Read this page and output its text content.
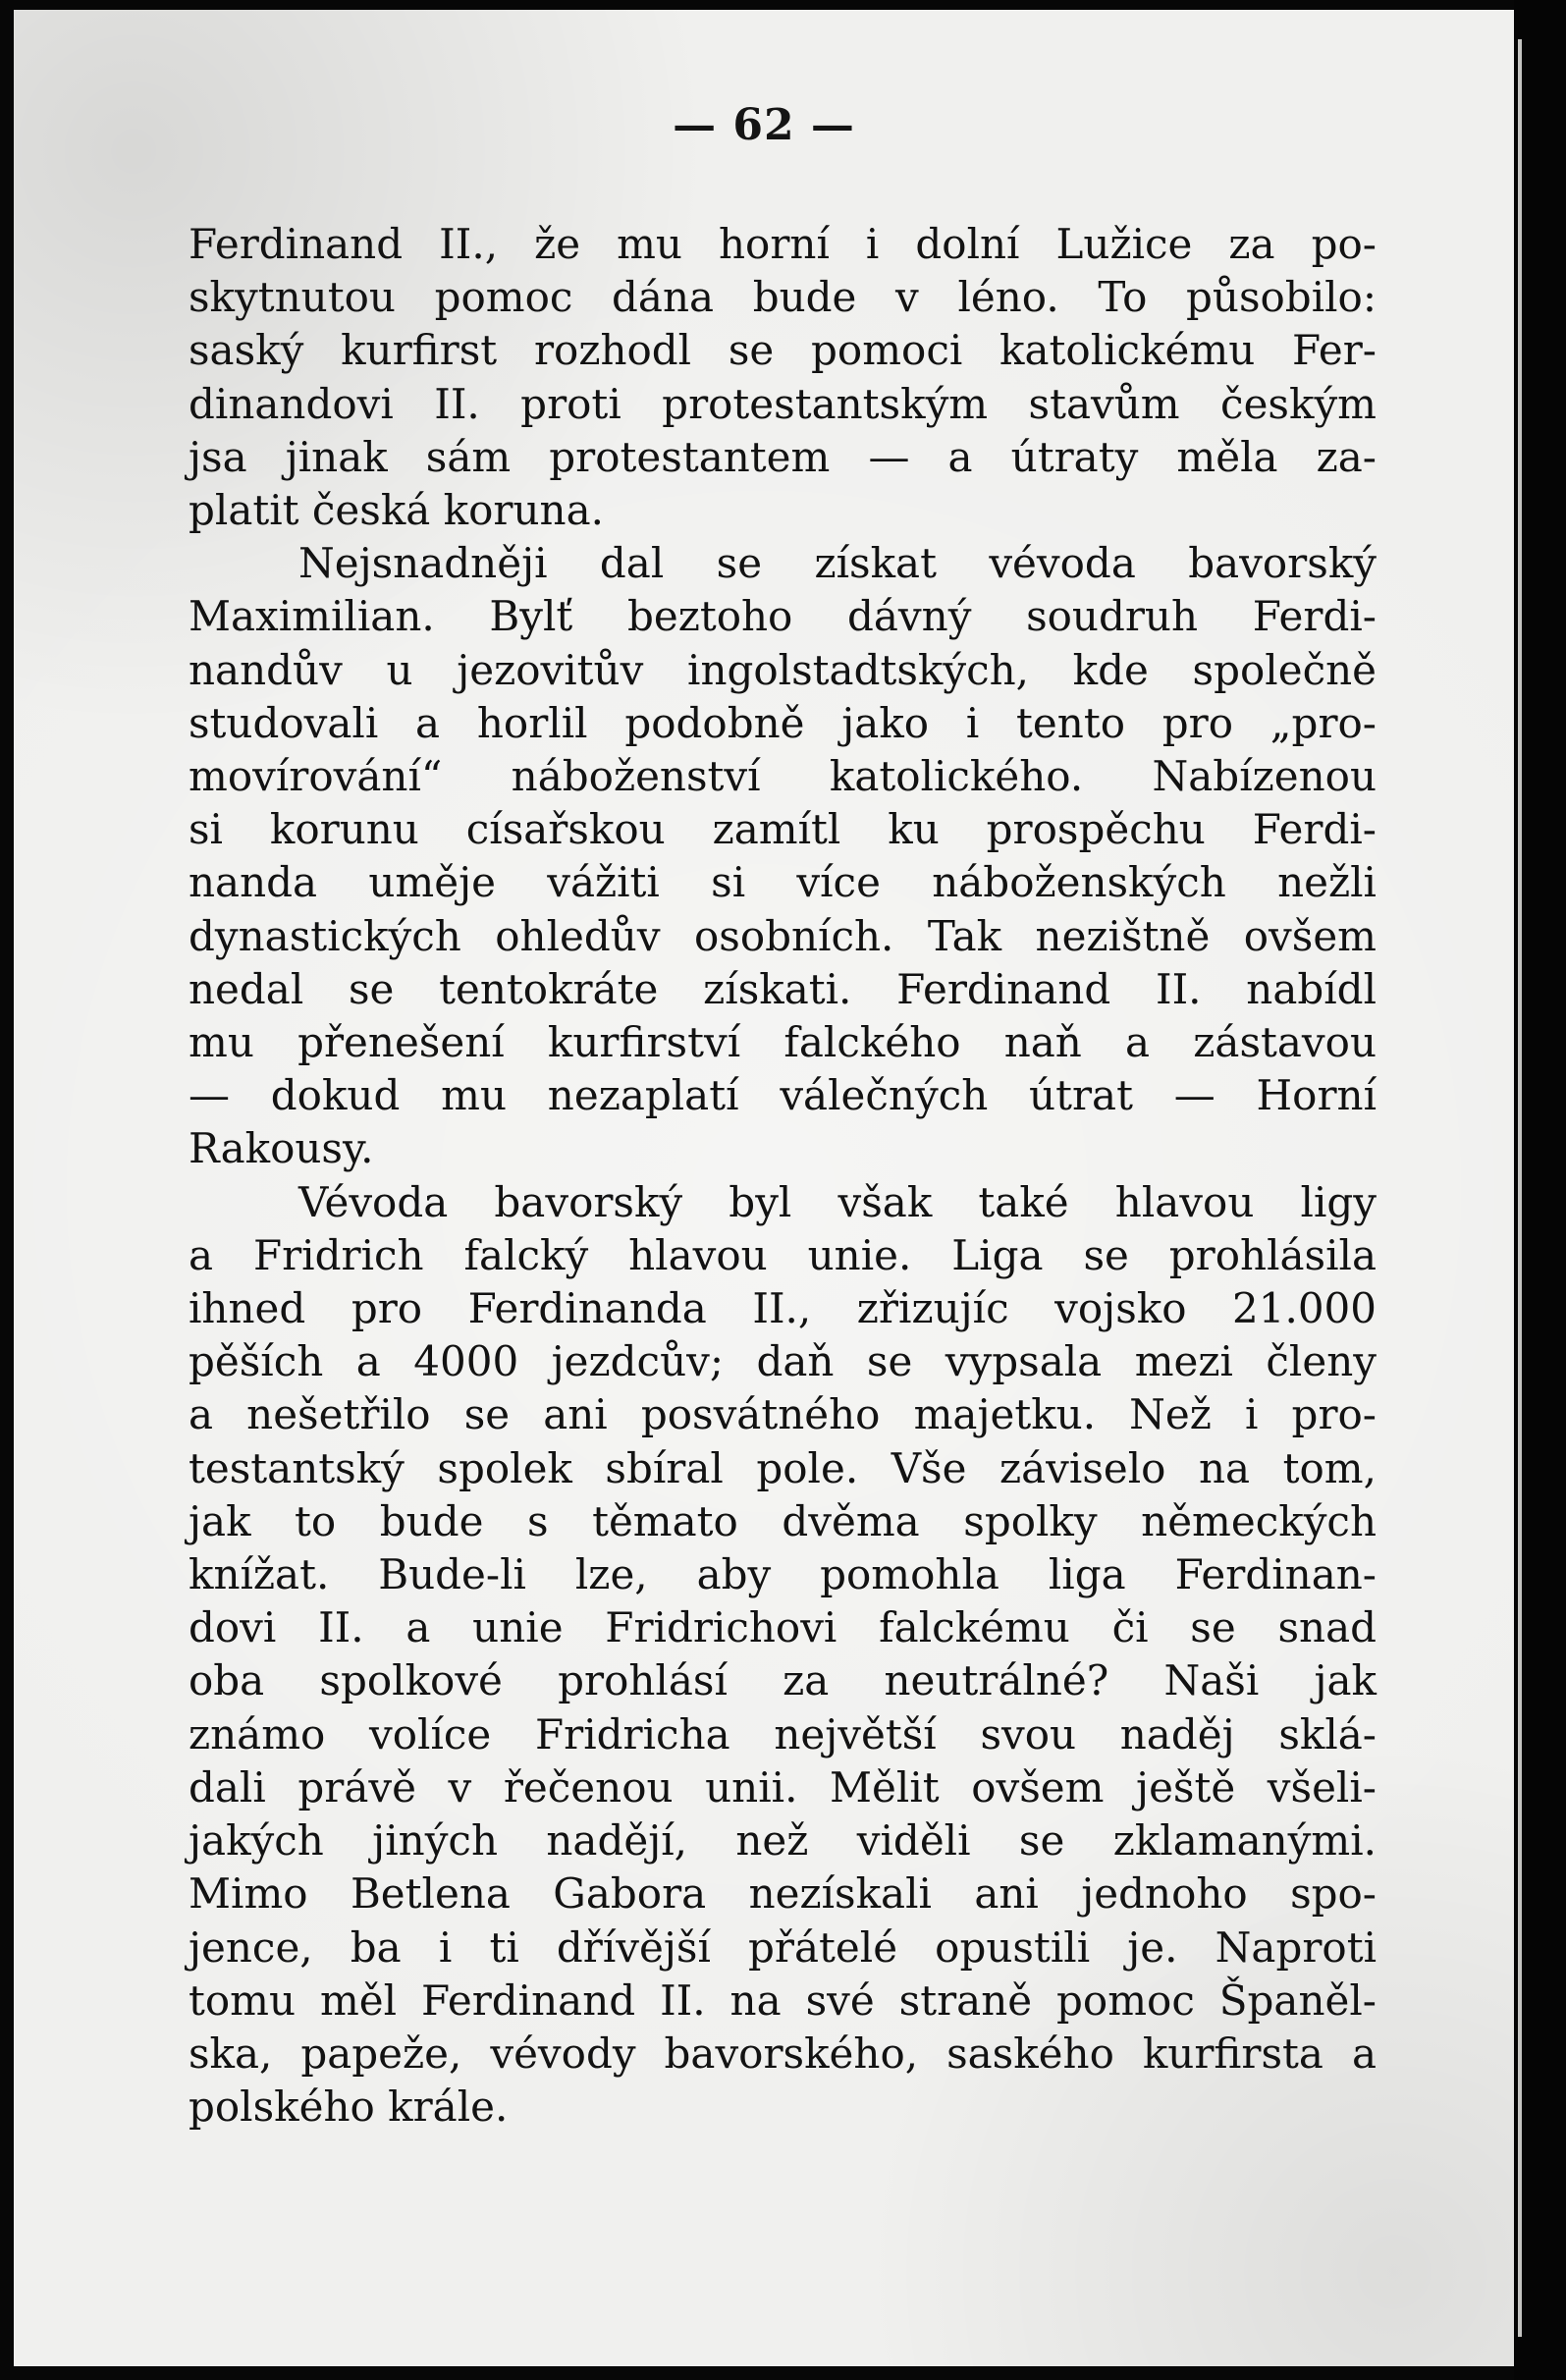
— 62 —
Ferdinand II., že mu horní i dolní Lužice za po-
skytnutou pomoc dána bude v léno. To působilo:
saský kurfirst rozhodl se pomoci katolickému Fer-
dinandovi II. proti protestantským stavům českým
jsa jinak sám protestantem — a útraty měla za-
platit česká koruna.
Nejsnadněji dal se získat vévoda bavorský
Maximilian. Bylť beztoho dávný soudruh Ferdi-
nandův u jezovitův ingolstadtských, kde společně
studovali a horlil podobně jako i tento pro „pro-
movírování“ náboženství katolického. Nabízenou
si korunu císařskou zamítl ku prospěchu Ferdi-
nanda uměje vážiti si více náboženských nežli
dynastických ohledův osobních. Tak nezištně ovšem
nedal se tentokráte získati. Ferdinand II. nabídl
mu přenešení kurfirství falckého naň a zástavou
— dokud mu nezaplatí válečných útrat — Horní
Rakousy.
Vévoda bavorský byl však také hlavou ligy
a Fridrich falcký hlavou unie. Liga se prohlásila
ihned pro Ferdinanda II., zřizujíc vojsko 21.000
pěších a 4000 jezdcův; daň se vypsala mezi členy
a nešetřilo se ani posvátného majetku. Než i pro-
testantský spolek sbíral pole. Vše záviselo na tom,
jak to bude s těmato dvěma spolky německých
knížat. Bude-li lze, aby pomohla liga Ferdinan-
dovi II. a unie Fridrichovi falckému či se snad
oba spolkové prohlásí za neutrálné? Naši jak
známo volíce Fridricha největší svou naděj sklá-
dali právě v řečenou unii. Mělit ovšem ještě všeli-
jakých jiných nadějí, než viděli se zklamanými.
Mimo Betlena Gabora nezískali ani jednoho spo-
jence, ba i ti dřívější přátelé opustili je. Naproti
tomu měl Ferdinand II. na své straně pomoc Španěl-
ska, papeže, vévody bavorského, saského kurfirsta a
polského krále.
